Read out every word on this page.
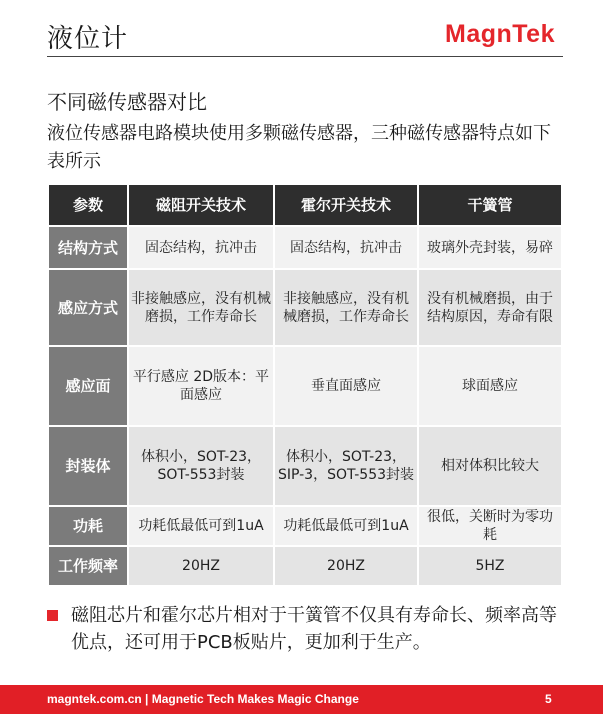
液位计	MagnTek
不同磁传感器对比
液位传感器电路模块使用多颗磁传感器，三种磁传感器特点如下表所示
参数	磁阻开关技术	霍尔开关技术	干簧管
结构方式	固态结构，抗冲击	固态结构，抗冲击	玻璃外壳封装，易碎
感应方式	非接触感应，没有机械磨损，工作寿命长	非接触感应，没有机械磨损，工作寿命长	没有机械磨损，由于结构原因，寿命有限
感应面	平行感应 2D版本：平面感应	垂直面感应	球面感应
封装体	体积小，SOT-23，SOT-553封装	体积小，SOT-23，SIP-3，SOT-553封装	相对体积比较大
功耗	功耗低最低可到1uA	功耗低最低可到1uA	很低，关断时为零功耗
工作频率	20HZ	20HZ	5HZ
磁阻芯片和霍尔芯片相对于干簧管不仅具有寿命长、频率高等优点，还可用于PCB板贴片，更加利于生产。
magntek.com.cn | Magnetic Tech Makes Magic Change	5
